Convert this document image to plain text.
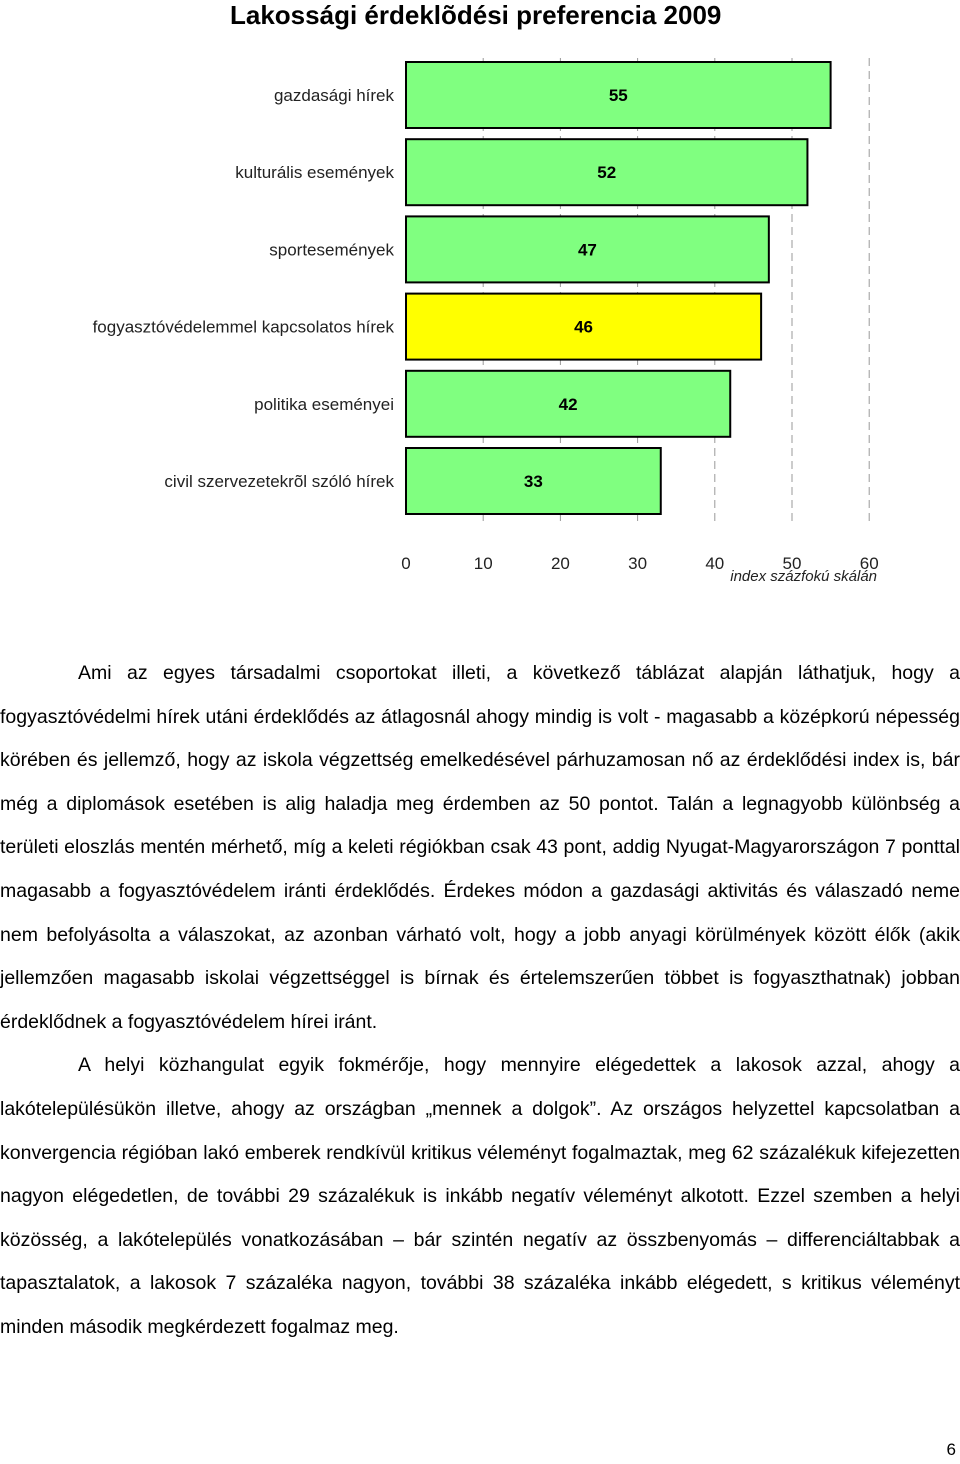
Lakossági érdeklõdési preferencia 2009
gazdasági hírek
kulturális események
sportesemények
fogyasztóvédelemmel kapcsolatos hírek
politika eseményei
civil szervezetekrõl szóló hírek
55
52
47
46
42
33
0	10	20	30	40	50	60
index százfokú skálán

Ami az egyes társadalmi csoportokat illeti, a következő táblázat alapján láthatjuk, hogy a fogyasztóvédelmi hírek utáni érdeklődés az átlagosnál ahogy mindig is volt - magasabb a középkorú népesség körében és jellemző, hogy az iskola végzettség emelkedésével párhuzamosan nő az érdeklődési index is, bár még a diplomások esetében is alig haladja meg érdemben az 50 pontot. Talán a legnagyobb különbség a területi eloszlás mentén mérhető, míg a keleti régiókban csak 43 pont, addig Nyugat-Magyarországon 7 ponttal magasabb a fogyasztóvédelem iránti érdeklődés. Érdekes módon a gazdasági aktivitás és válaszadó neme nem befolyásolta a válaszokat, az azonban várható volt, hogy a jobb anyagi körülmények között élők (akik jellemzően magasabb iskolai végzettséggel is bírnak és értelemszerűen többet is fogyaszthatnak) jobban érdeklődnek a fogyasztóvédelem hírei iránt.

A helyi közhangulat egyik fokmérője, hogy mennyire elégedettek a lakosok azzal, ahogy a lakótelepülésükön illetve, ahogy az országban „mennek a dolgok”. Az országos helyzettel kapcsolatban a konvergencia régióban lakó emberek rendkívül kritikus véleményt fogalmaztak, meg 62 százalékuk kifejezetten nagyon elégedetlen, de további 29 százalékuk is inkább negatív véleményt alkotott. Ezzel szemben a helyi közösség, a lakótelepülés vonatkozásában – bár szintén negatív az összbenyomás – differenciáltabbak a tapasztalatok, a lakosok 7 százaléka nagyon, további 38 százaléka inkább elégedett, s kritikus véleményt minden második megkérdezett fogalmaz meg.

6
